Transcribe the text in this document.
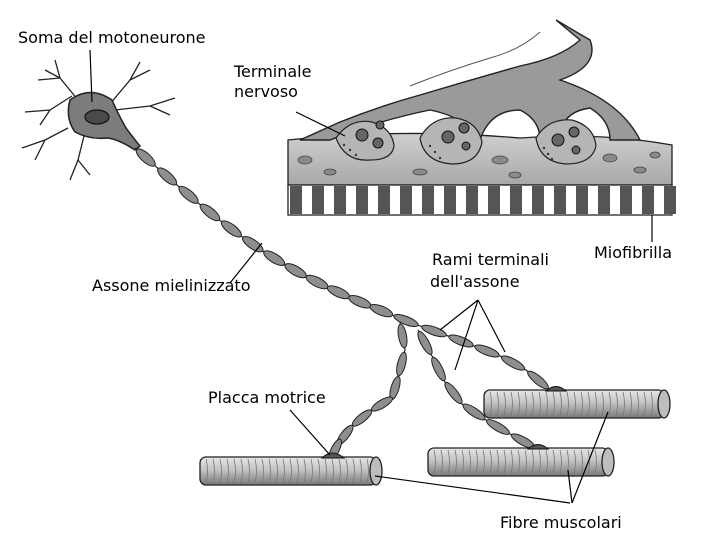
Soma del motoneurone
Terminale
nervoso
Miofibrilla
Rami terminali
dell'assone
Assone mielinizzato
Placca motrice
Fibre muscolari
